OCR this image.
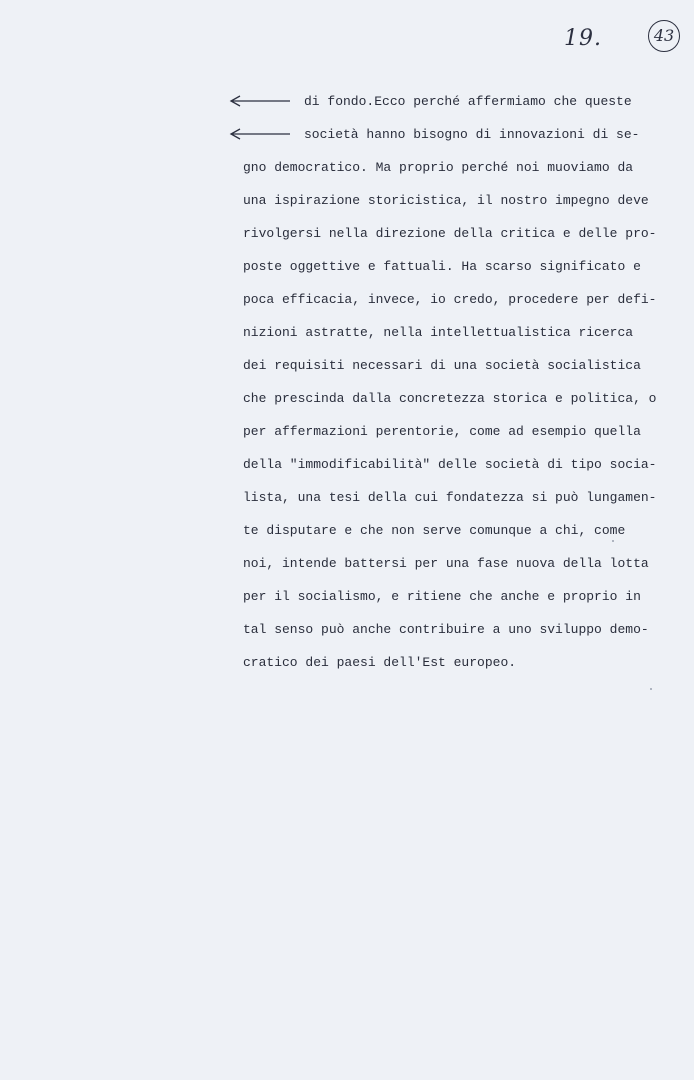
19.	43
di fondo.Ecco perché affermiamo che queste
società hanno bisogno di innovazioni di se-
gno democratico. Ma proprio perché noi muoviamo da
una ispirazione storicistica, il nostro impegno deve
rivolgersi nella direzione della critica e delle pro-
poste oggettive e fattuali. Ha scarso significato e
poca efficacia, invece, io credo, procedere per defi-
nizioni astratte, nella intellettualistica ricerca
dei requisiti necessari di una società socialistica
che prescinda dalla concretezza storica e politica, o
per affermazioni perentorie, come ad esempio quella
della "immodificabilità" delle società di tipo socia-
lista, una tesi della cui fondatezza si può lungamen-
te disputare e che non serve comunque a chi, come
noi, intende battersi per una fase nuova della lotta
per il socialismo, e ritiene che anche e proprio in
tal senso può anche contribuire a uno sviluppo demo-
cratico dei paesi dell'Est europeo.
